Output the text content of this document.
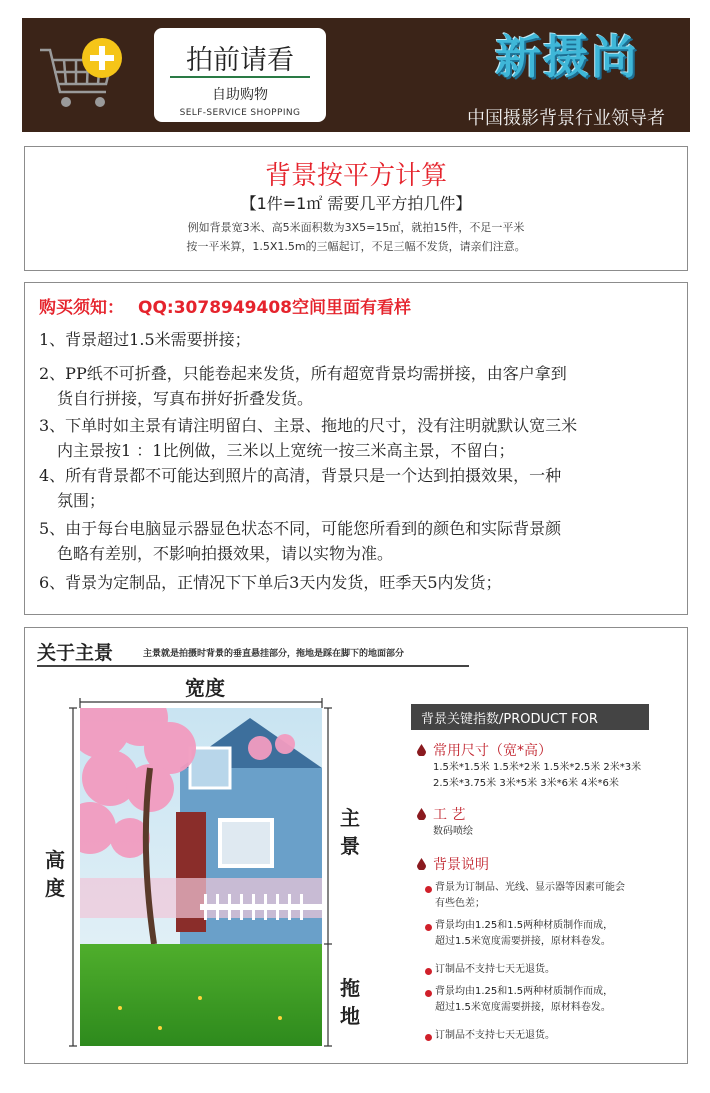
拍前请看
自助购物
SELF-SERVICE SHOPPING
新摄尚
中国摄影背景行业领导者
背景按平方计算
【1件=1㎡ 需要几平方拍几件】
例如背景宽3米、高5米面积数为3X5=15㎡，就拍15件，不足一平米
按一平米算，1.5X1.5m的三幅起订，不足三幅不发货，请亲们注意。
购买须知： QQ:3078949408空间里面有看样
1、背景超过1.5米需要拼接；
2、PP纸不可折叠，只能卷起来发货，所有超宽背景均需拼接，由客户拿到
货自行拼接，写真布拼好折叠发货。
3、下单时如主景有请注明留白、主景、拖地的尺寸，没有注明就默认宽三米
内主景按1 ：1比例做，三米以上宽统一按三米高主景，不留白；
4、所有背景都不可能达到照片的高清，背景只是一个达到拍摄效果，一种
氛围；
5、由于每台电脑显示器显色状态不同，可能您所看到的颜色和实际背景颜
色略有差别，不影响拍摄效果，请以实物为准。
6、背景为定制品，正情况下下单后3天内发货，旺季天5内发货；
关于主景	主景就是拍摄时背景的垂直悬挂部分，拖地是踩在脚下的地面部分
宽度
高度
主景
拖地
背景关键指数/PRODUCT FOR
常用尺寸（宽*高）
1.5米*1.5米 1.5米*2米 1.5米*2.5米 2米*3米
2.5米*3.75米 3米*5米 3米*6米 4米*6米
工 艺
数码喷绘
背景说明
背景为订制品、光线、显示器等因素可能会
有些色差；
背景均由1.25和1.5两种材质制作而成，
超过1.5米宽度需要拼接，原材料卷发。
订制品不支持七天无退货。
背景均由1.25和1.5两种材质制作而成，
超过1.5米宽度需要拼接，原材料卷发。
订制品不支持七天无退货。
